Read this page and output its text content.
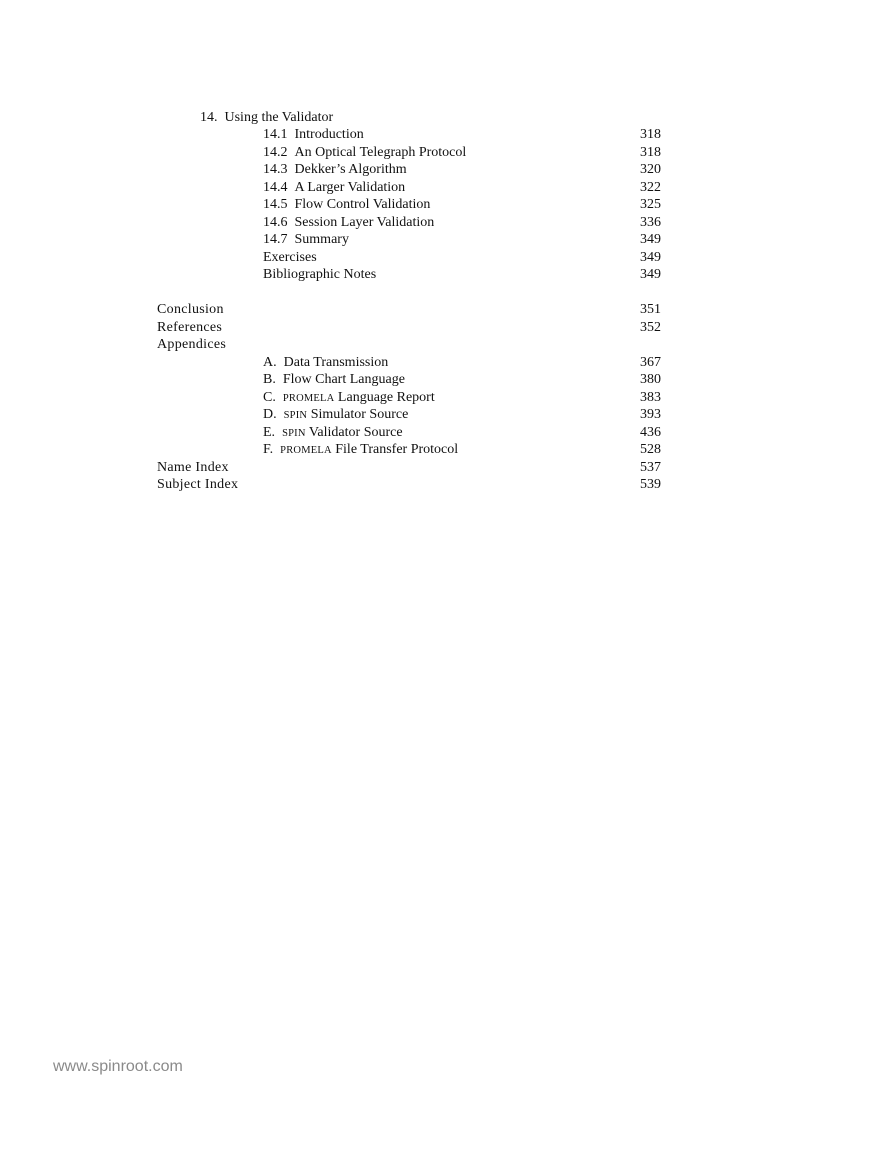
14. Using the Validator
14.1 Introduction	318
14.2 An Optical Telegraph Protocol	318
14.3 Dekker’s Algorithm	320
14.4 A Larger Validation	322
14.5 Flow Control Validation	325
14.6 Session Layer Validation	336
14.7 Summary	349
Exercises	349
Bibliographic Notes	349
Conclusion	351
References	352
Appendices
A. Data Transmission	367
B. Flow Chart Language	380
C. PROMELA Language Report	383
D. SPIN Simulator Source	393
E. SPIN Validator Source	436
F. PROMELA File Transfer Protocol	528
Name Index	537
Subject Index	539
www.spinroot.com
